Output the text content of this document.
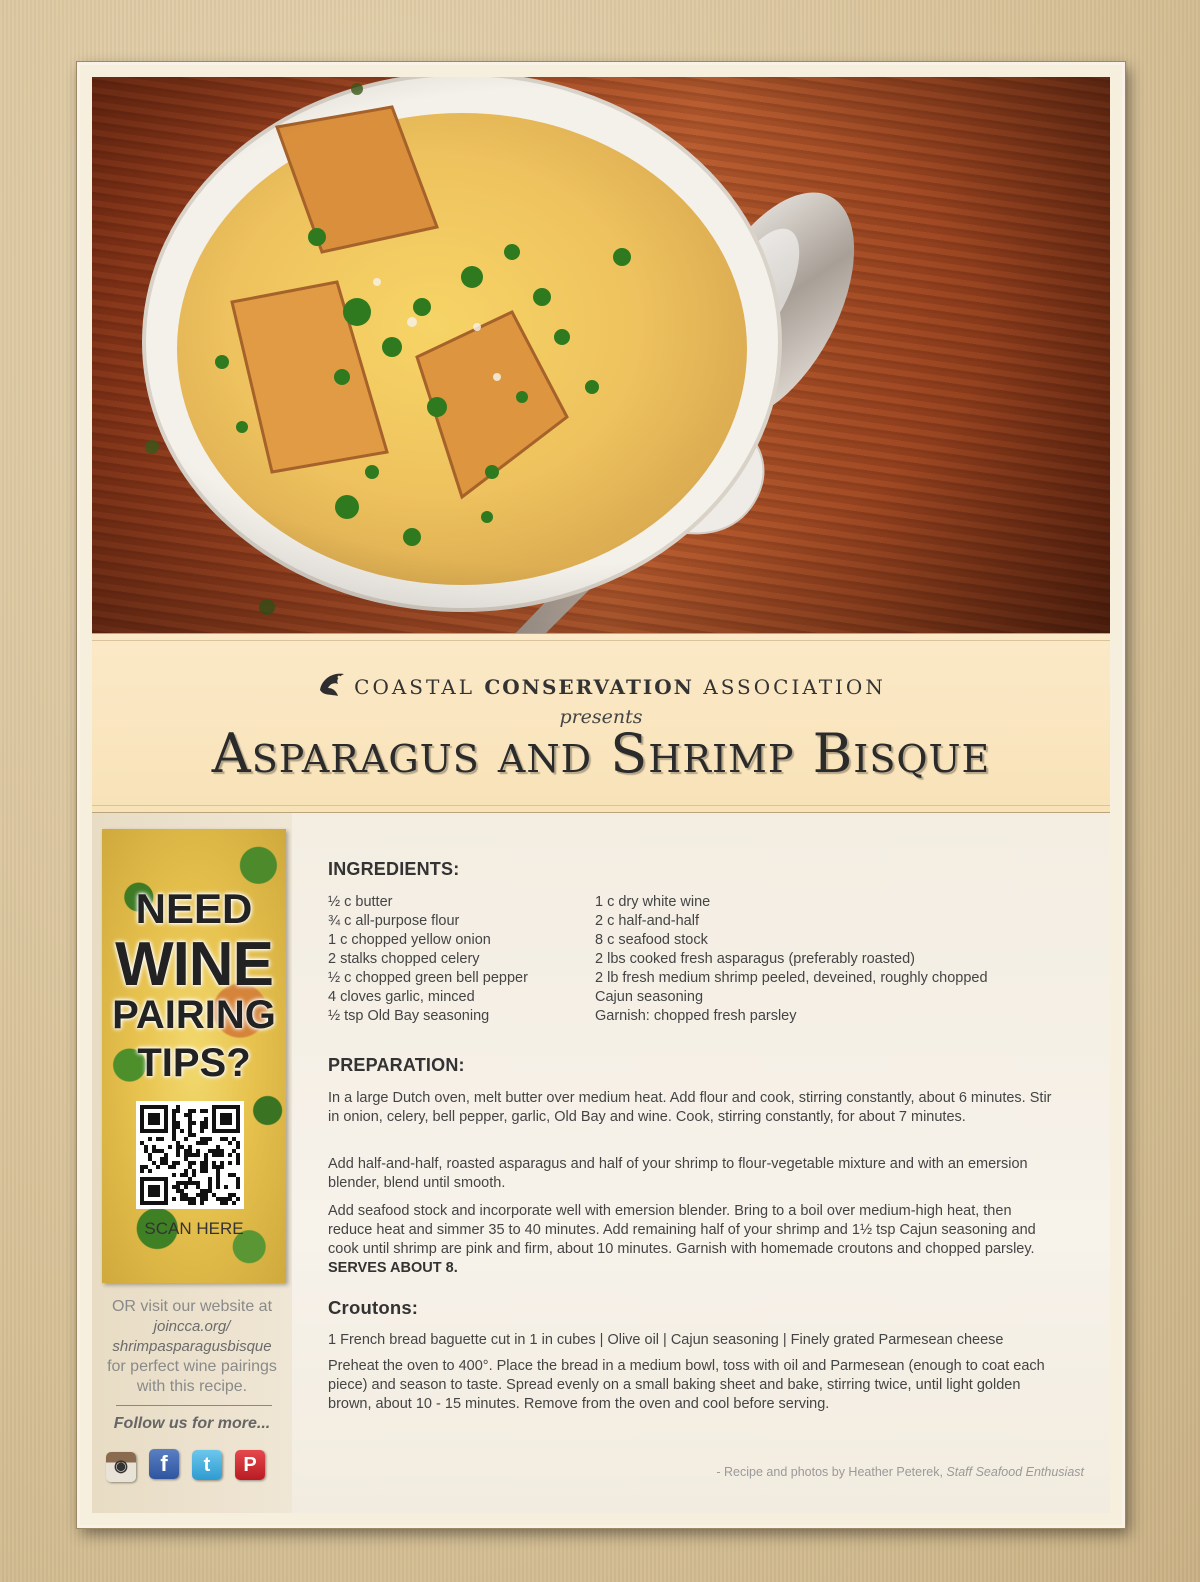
COASTAL CONSERVATION ASSOCIATION
presents
Asparagus and Shrimp Bisque
NEED
WINE
PAIRING
TIPS?
SCAN HERE
OR visit our website at
joincca.org/
shrimpasparagusbisque
for perfect wine pairings
with this recipe.
Follow us for more...
◉ f t P
INGREDIENTS:
½ c butter
¾ c all-purpose flour
1 c chopped yellow onion
2 stalks chopped celery
½ c chopped green bell pepper
4 cloves garlic, minced
½ tsp Old Bay seasoning
1 c dry white wine
2 c half-and-half
8 c seafood stock
2 lbs cooked fresh asparagus (preferably roasted)
2 lb fresh medium shrimp peeled, deveined, roughly chopped
Cajun seasoning
Garnish: chopped fresh parsley
PREPARATION:
In a large Dutch oven, melt butter over medium heat. Add flour and cook, stirring constantly, about 6 minutes. Stir in onion, celery, bell pepper, garlic, Old Bay and wine. Cook, stirring constantly, for about 7 minutes.
Add half-and-half, roasted asparagus and half of your shrimp to flour-vegetable mixture and with an emersion blender, blend until smooth.
Add seafood stock and incorporate well with emersion blender. Bring to a boil over medium-high heat, then reduce heat and simmer 35 to 40 minutes. Add remaining half of your shrimp and 1½ tsp Cajun seasoning and cook until shrimp are pink and firm, about 10 minutes. Garnish with homemade croutons and chopped parsley. SERVES ABOUT 8.
Croutons:
1 French bread baguette cut in 1 in cubes | Olive oil | Cajun seasoning | Finely grated Parmesean cheese
Preheat the oven to 400°. Place the bread in a medium bowl, toss with oil and Parmesean (enough to coat each piece) and season to taste. Spread evenly on a small baking sheet and bake, stirring twice, until light golden brown, about 10 - 15 minutes. Remove from the oven and cool before serving.
- Recipe and photos by Heather Peterek, Staff Seafood Enthusiast
